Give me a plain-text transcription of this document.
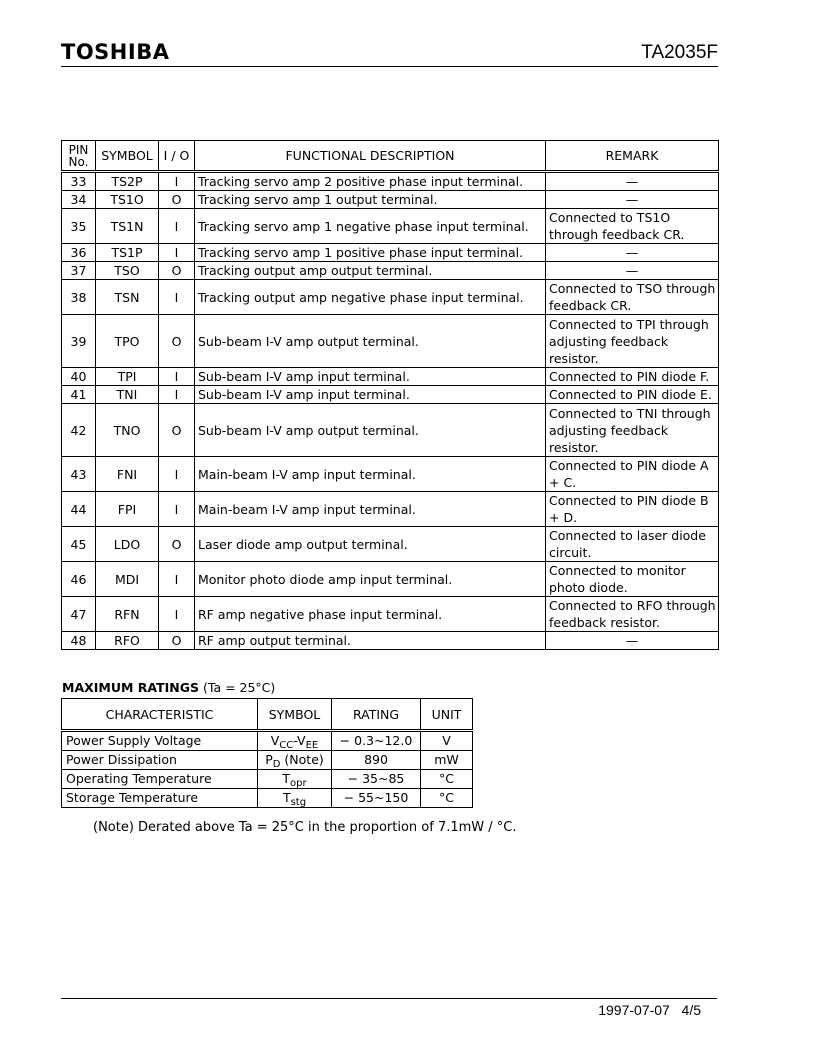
TOSHIBA	TA2035F
PIN
No.	SYMBOL	I / O	FUNCTIONAL DESCRIPTION	REMARK
33	TS2P	I	Tracking servo amp 2 positive phase input terminal.	—
34	TS1O	O	Tracking servo amp 1 output terminal.	—
35	TS1N	I	Tracking servo amp 1 negative phase input terminal.	Connected to TS1O through feedback CR.
36	TS1P	I	Tracking servo amp 1 positive phase input terminal.	—
37	TSO	O	Tracking output amp output terminal.	—
38	TSN	I	Tracking output amp negative phase input terminal.	Connected to TSO through feedback CR.
39	TPO	O	Sub-beam I-V amp output terminal.	Connected to TPI through adjusting feedback resistor.
40	TPI	I	Sub-beam I-V amp input terminal.	Connected to PIN diode F.
41	TNI	I	Sub-beam I-V amp input terminal.	Connected to PIN diode E.
42	TNO	O	Sub-beam I-V amp output terminal.	Connected to TNI through adjusting feedback resistor.
43	FNI	I	Main-beam I-V amp input terminal.	Connected to PIN diode A + C.
44	FPI	I	Main-beam I-V amp input terminal.	Connected to PIN diode B + D.
45	LDO	O	Laser diode amp output terminal.	Connected to laser diode circuit.
46	MDI	I	Monitor photo diode amp input terminal.	Connected to monitor photo diode.
47	RFN	I	RF amp negative phase input terminal.	Connected to RFO through feedback resistor.
48	RFO	O	RF amp output terminal.	—
MAXIMUM RATINGS (Ta = 25°C)
CHARACTERISTIC	SYMBOL	RATING	UNIT
Power Supply Voltage	$V_{CC}-V_{EE}$	− 0.3~12.0	V
Power Dissipation	$P_D$ (Note)	890	mW
Operating Temperature	$T_{opr}$	− 35~85	°C
Storage Temperature	$T_{stg}$	− 55~150	°C
(Note) Derated above Ta = 25°C in the proportion of 7.1mW / °C.
1997-07-07 4/5
